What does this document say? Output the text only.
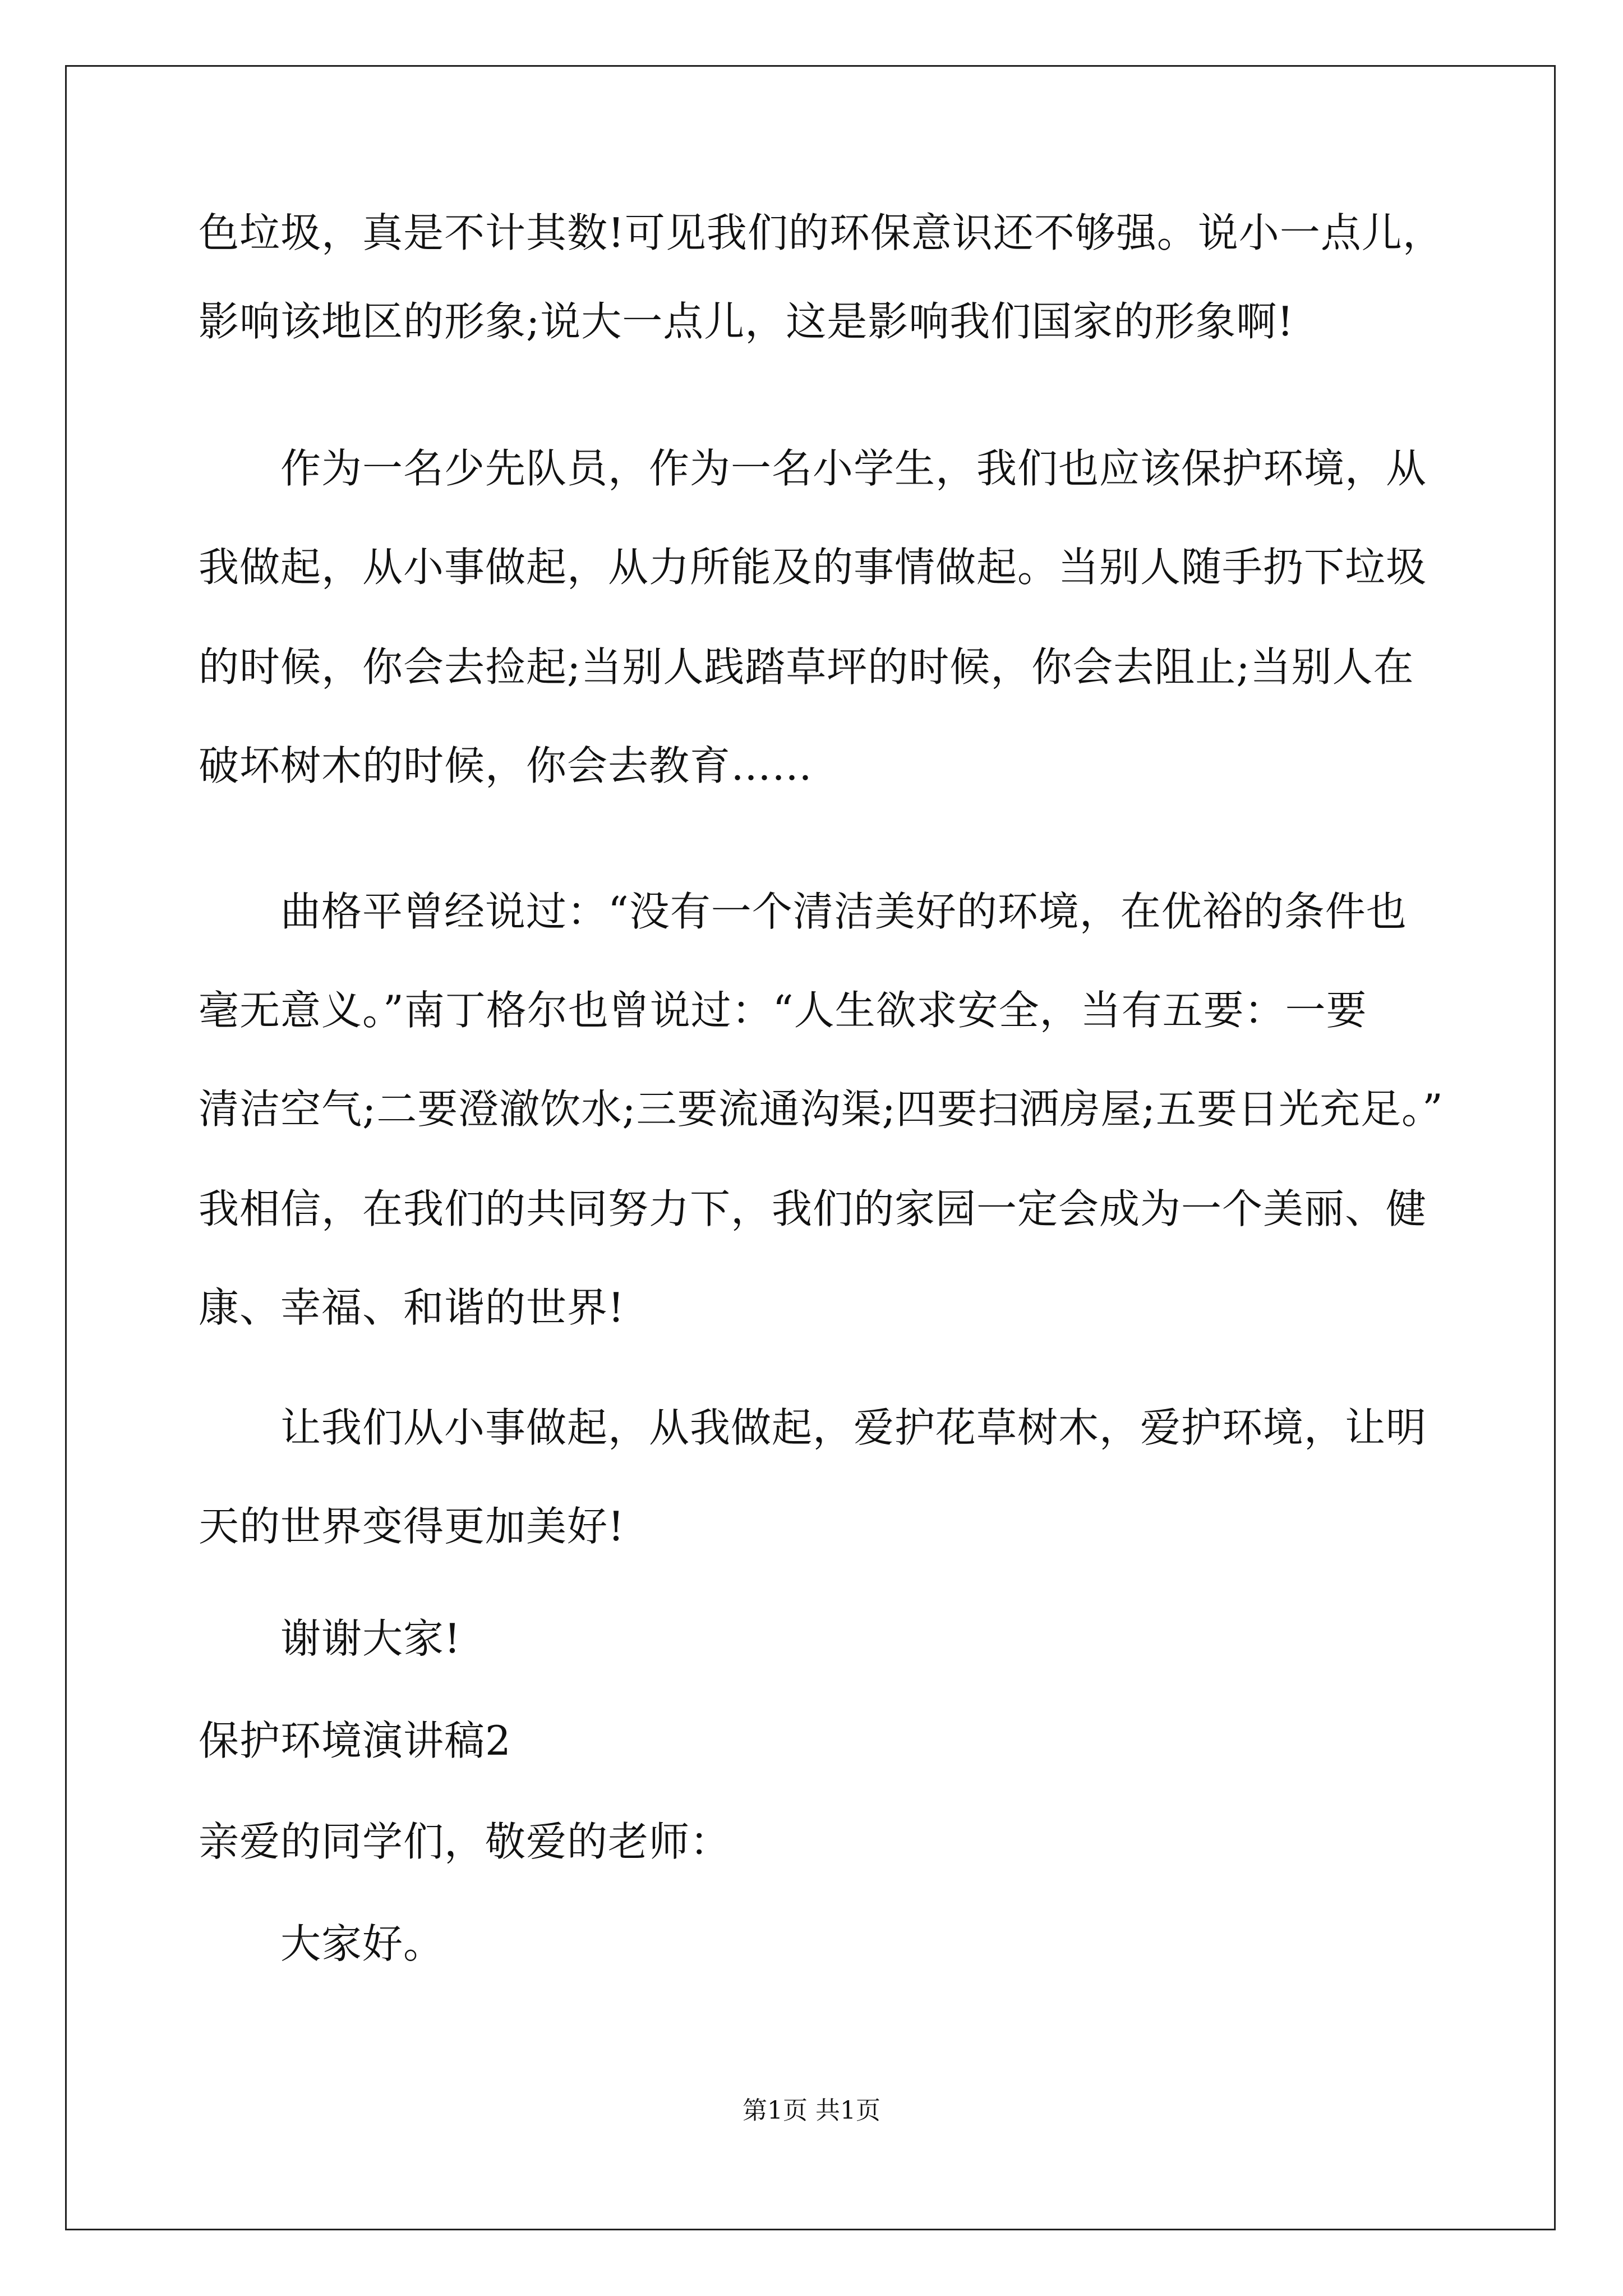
色垃圾，真是不计其数!可见我们的环保意识还不够强。说小一点儿，
影响该地区的形象;说大一点儿，这是影响我们国家的形象啊!
作为一名少先队员，作为一名小学生，我们也应该保护环境，从
我做起，从小事做起，从力所能及的事情做起。当别人随手扔下垃圾
的时候，你会去捡起;当别人践踏草坪的时候，你会去阻止;当别人在
破坏树木的时候，你会去教育……
曲格平曾经说过：“没有一个清洁美好的环境，在优裕的条件也
毫无意义。”南丁格尔也曾说过：“人生欲求安全，当有五要：一要
清洁空气;二要澄澈饮水;三要流通沟渠;四要扫洒房屋;五要日光充足。”
我相信，在我们的共同努力下，我们的家园一定会成为一个美丽、健
康、幸福、和谐的世界!
让我们从小事做起，从我做起，爱护花草树木，爱护环境，让明
天的世界变得更加美好!
谢谢大家!
保护环境演讲稿2
亲爱的同学们，敬爱的老师：
大家好。
第1页 共1页
